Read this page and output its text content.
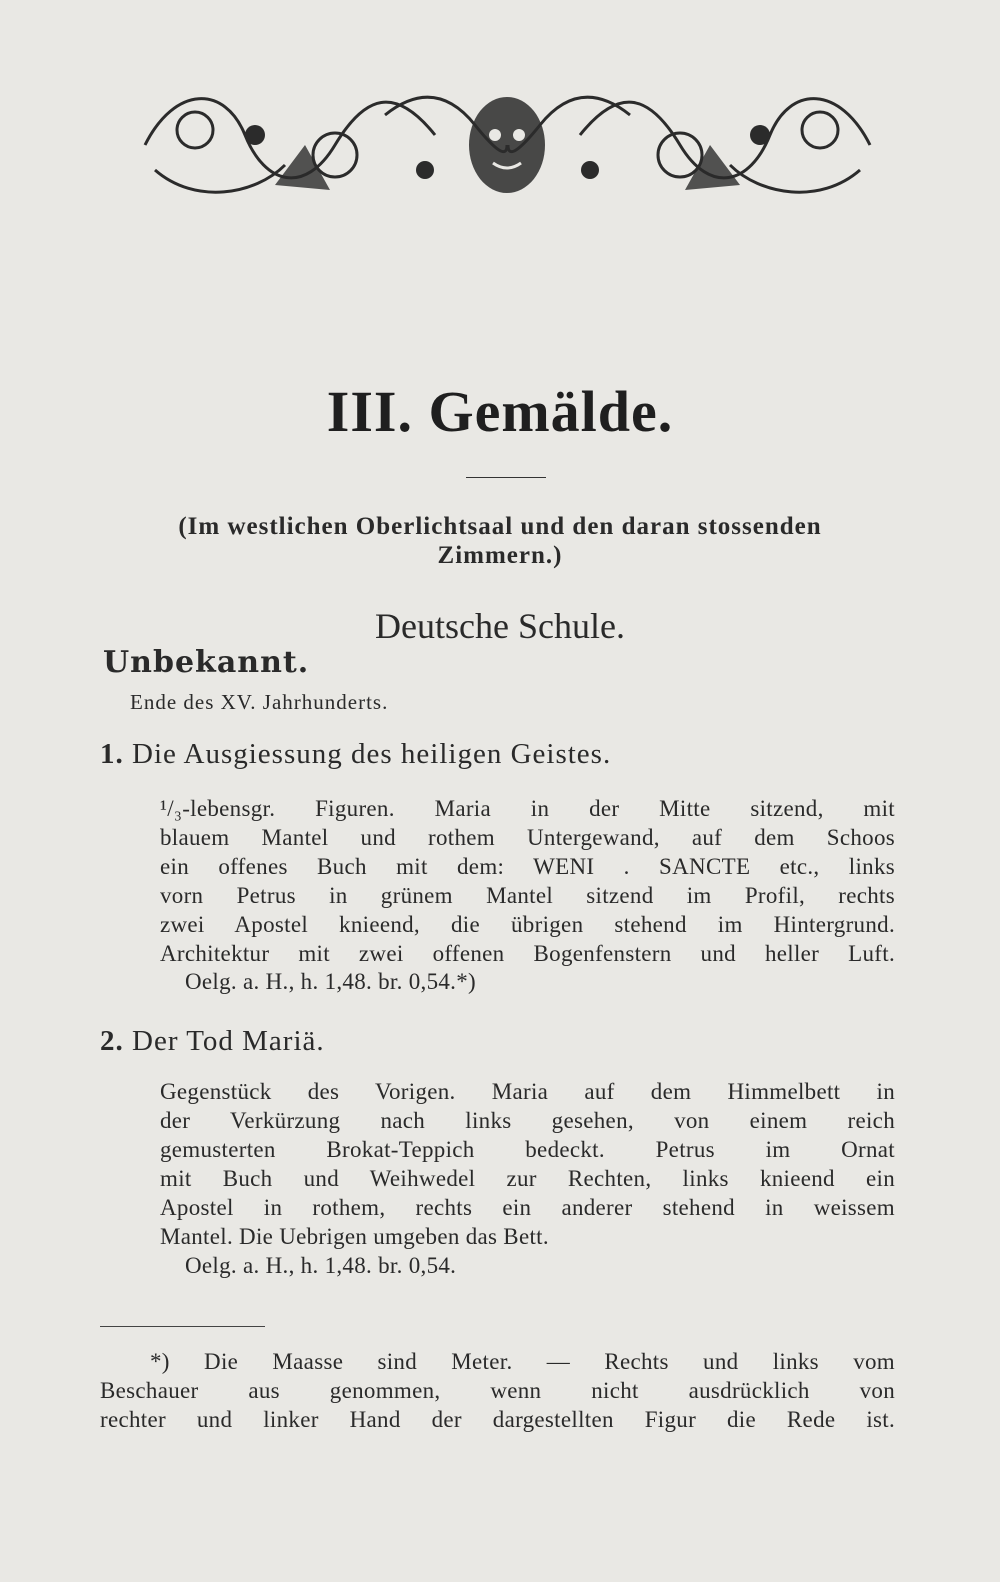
III. Gemälde.
(Im westlichen Oberlichtsaal und den daran stossenden
Zimmern.)
Deutsche Schule.
Unbekannt.
Ende des XV. Jahrhunderts.
1. Die Ausgiessung des heiligen Geistes.
¹/₃-lebensgr. Figuren. Maria in der Mitte sitzend, mit
blauem Mantel und rothem Untergewand, auf dem Schoos
ein offenes Buch mit dem: WENI . SANCTE etc., links
vorn Petrus in grünem Mantel sitzend im Profil, rechts
zwei Apostel knieend, die übrigen stehend im Hintergrund.
Architektur mit zwei offenen Bogenfenstern und heller Luft.
Oelg. a. H., h. 1,48. br. 0,54.*)
2. Der Tod Mariä.
Gegenstück des Vorigen. Maria auf dem Himmelbett in
der Verkürzung nach links gesehen, von einem reich
gemusterten Brokat-Teppich bedeckt. Petrus im Ornat
mit Buch und Weihwedel zur Rechten, links knieend ein
Apostel in rothem, rechts ein anderer stehend in weissem
Mantel. Die Uebrigen umgeben das Bett.
Oelg. a. H., h. 1,48. br. 0,54.
*) Die Maasse sind Meter. — Rechts und links vom
Beschauer aus genommen, wenn nicht ausdrücklich von
rechter und linker Hand der dargestellten Figur die Rede ist.
